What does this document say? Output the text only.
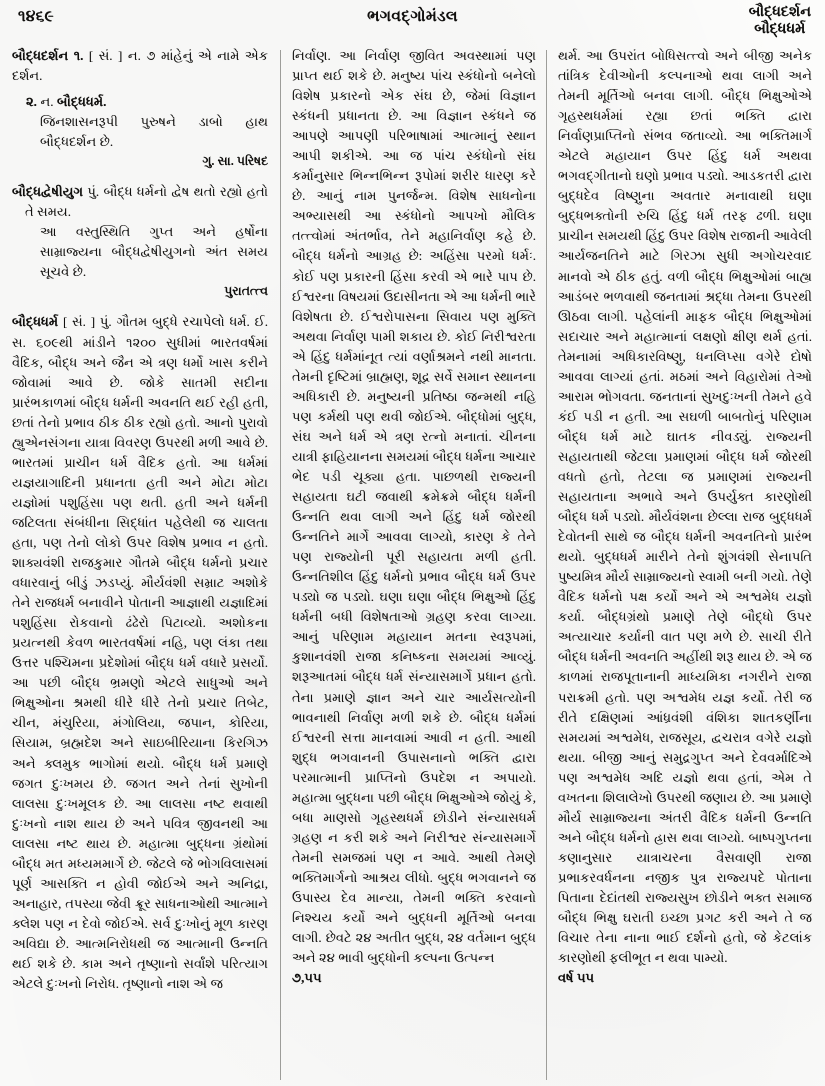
૧૪૬૯	ભગવદ્ગોમંડલ	બૌદ્ધદર્શન
બૌદ્ધધર્મ
બૌદ્ધદર્શન ૧. [ સં. ] ન. ૭ માંહેનું એ નામે એક દર્શન.
૨. ન. બૌદ્ધધર્મ.
જિનશાસનરૂપી પુરુષને ડાબો હાથ બૌદ્ધદર્શન છે.
ગુ. સા. પરિષદ
બૌદ્ધદ્વેષીયુગ પું. બૌદ્ધ ધર્મનો દ્વેષ થતો રહ્યો હતો તે સમય.
આ વસ્તુસ્થિતિ ગુપ્ત અને હર્ષોના સામ્રાજ્યના બૌદ્ધદ્વેષીયુગનો અંત સમય સૂચવે છે.
પુરાતત્ત્વ
બૌદ્ધધર્મ [ સં. ] પું. ગૌતમ બુદ્ધે રચાપેલો ધર્મ. ઈ. સ. ૬૦૯થી માંડીને ૧૨૦૦ સુધીમાં ભારતવર્ષમાં વૈદિક, બૌદ્ધ અને જૈન એ ત્રણ ધર્મો ખાસ કરીને જોવામાં આવે છે. જોકે સાતમી સદીના પ્રારંભકાળમાં બૌદ્ધ ધર્મની અવનતિ થઈ રહી હતી, છતાં તેનો પ્રભાવ ઠીક ઠીક રહ્યો હતો. આનો પુરાવો હ્યુએનસંગના યાત્રા વિવરણ ઉપરથી મળી આવે છે. ભારતમાં પ્રાચીન ધર્મ વૈદિક હતો. આ ધર્મમાં યજ્ઞયાગાદિની પ્રધાનતા હતી અને મોટા મોટા યજ્ઞોમાં પશુહિંસા પણ થતી. હતી અને ધર્મની જટિલતા સંબંધીના સિદ્ધાંત પહેલેથી જ ચાલતા હતા, પણ તેનો લોકો ઉપર વિશેષ પ્રભાવ ન હતો. શાક્યવંશી રાજકુમાર ગૌતમે બૌદ્ધ ધર્મનો પ્રચાર વધારવાનું બીડું ઝડપ્યું. મૌર્યવંશી સમ્રાટ અશોકે તેને રાજધર્મ બનાવીને પોતાની આજ્ઞાથી યજ્ઞાદિમાં પશુહિંસા રોકવાનો ઢંઢેરો પિટાવ્યો. અશોકના પ્રયત્નથી કેવળ ભારતવર્ષમાં નહિ, પણ લંકા તથા ઉત્તર પશ્ચિમના પ્રદેશોમાં બૌદ્ધ ધર્મ વધારે પ્રસર્યો. આ પછી બૌદ્ધ ભ્રમણો એટલે સાધુઓ અને ભિક્ષુઓના શ્રમથી ધીરે ધીરે તેનો પ્રચાર તિબેટ, ચીન, મંચુરિયા, મંગોલિયા, જપાન, કોરિયા, સિયામ, બ્રહ્મદેશ અને સાઇબીરિયાના કિરગિઝ અને ક્લમુક ભાગોમાં થયો. બૌદ્ધ ધર્મ પ્રમાણે જગત દુઃખમય છે. જગત અને તેનાં સુખોની લાલસા દુઃખમૂલક છે. આ લાલસા નષ્ટ થવાથી દુઃખનો નાશ થાય છે અને પવિત્ર જીવનથી આ લાલસા નષ્ટ થાય છે. મહાત્મા બુદ્ધના ગ્રંથોમાં બૌદ્ધ મત મધ્યમમાર્ગે છે. જેટલે જે ભોગવિલાસમાં પૂર્ણ આસક્તિ ન હોવી જોઈએ અને અનિદ્રા, અનાહાર, તપસ્યા જેવી ક્રૂર સાધનાઓથી આત્માને ક્લેશ પણ ન દેવો જોઈએ. સર્વ દુઃખોનું મૂળ કારણ અવિદ્યા છે. આત્મનિરોધથી જ આત્માની ઉન્નતિ થઈ શકે છે. કામ અને તૃષ્ણાનો સર્વાંશે પરિત્યાગ એટલે દુઃખનો નિરોધ. તૃષ્ણાનો નાશ એ જ
નિર્વાણ. આ નિર્વાણ જીવિત અવસ્થામાં પણ પ્રાપ્ત થઈ શકે છે. મનુષ્ય પાંચ સ્કંધોનો બનેલો વિશેષ પ્રકારનો એક સંઘ છે, જેમાં વિજ્ઞાન સ્કંધની પ્રધાનતા છે. આ વિજ્ઞાન સ્કંધને જ આપણે આપણી પરિભાષામાં આત્માનું સ્થાન આપી શકીએ. આ જ પાંચ સ્કંધોનો સંઘ કર્માનુસાર ભિન્નભિન્ન રૂપોમાં શરીર ધારણ કરે છે. આનું નામ પુનર્જન્મ. વિશેષ સાધનોના અભ્યાસથી આ સ્કંધોનો આપખો મૌલિક તત્ત્વોમાં અંતર્ભાવ, તેને મહાનિર્વાણ કહે છે. બૌદ્ધ ધર્મનો આગ્રહ છે: અહિંસા પરમો ધર્મઃ. કોઈ પણ પ્રકારની હિંસા કરવી એ ભારે પાપ છે. ઈશ્વરના વિષયમાં ઉદાસીનતા એ આ ધર્મની ભારે વિશેષતા છે. ઈશ્વરોપાસના સિવાય પણ મુક્તિ અથવા નિર્વાણ પામી શકાય છે. કોઈ નિરીશ્વરતા એ હિંદુ ધર્મમાંનૂત ત્યાં વર્ણાશ્રમને નથી માનતા. તેમની દૃષ્ટિમાં બ્રાહ્મણ, શૂદ્ર સર્વે સમાન સ્થાનના અધિકારી છે. મનુષ્યની પ્રતિષ્ઠા જન્મથી નહિ પણ કર્મથી પણ થવી જોઈએ. બૌદ્ધોમાં બુદ્ધ, સંઘ અને ધર્મ એ ત્રણ રત્નો મનાતાં. ચીનના યાત્રી ફાહિયાનના સમયમાં બૌદ્ધ ધર્મના આચાર ભેદ પડી ચૂક્યા હતા. પાછળથી રાજ્યની સહાયતા ઘટી જવાથી ક્રમેક્રમે બૌદ્ધ ધર્મની ઉન્નતિ થવા લાગી અને હિંદુ ધર્મ જોરથી ઉન્નતિને માર્ગે આવવા લાગ્યો, કારણ કે તેને પણ રાજ્યોની પૂરી સહાયતા મળી હતી. ઉન્નતિશીલ હિંદુ ધર્મનો પ્રભાવ બૌદ્ધ ધર્મ ઉપર પડ્યો જ પડ્યો. ઘણા ઘણા બૌદ્ધ ભિક્ષુઓ હિંદુ ધર્મની બધી વિશેષતાઓ ગ્રહણ કરવા લાગ્યા. આનું પરિણામ મહાયાન મતના સ્વરૂપમાં, કુશાનવંશી રાજા કનિષ્કના સમયમાં આવ્યું. શરૂઆતમાં બૌદ્ધ ધર્મ સંન્યાસમાર્ગે પ્રધાન હતો. તેના પ્રમાણે જ્ઞાન અને ચાર આર્યસત્યોની ભાવનાથી નિર્વાણ મળી શકે છે. બૌદ્ધ ધર્મમાં ઈશ્વરની સત્તા માનવામાં આવી ન હતી. આથી શુદ્ધ ભગવાનની ઉપાસનાનો ભક્તિ દ્વારા પરમાત્માની પ્રાપ્તિનો ઉપદેશ ન અપાયો. મહાત્મા બુદ્ધના પછી બૌદ્ધ ભિક્ષુઓએ જોયું કે, બધા માણસો ગૃહસ્થધર્મ છોડીને સંન્યાસધર્મ ગ્રહણ ન કરી શકે અને નિરીશ્વર સંન્યાસમાર્ગે તેમની સમજમાં પણ ન આવે. આથી તેમણે ભક્તિમાર્ગનો આશ્રય લીધો. બુદ્ધ ભગવાનને જ ઉપાસ્ય દેવ માન્યા, તેમની ભક્તિ કરવાનો નિશ્ચય કર્યો અને બુદ્ધની મૂર્તિઓ બનવા લાગી. છેવટે ૨૪ અતીત બુદ્ધ, ૨૪ વર્તમાન બુદ્ધ અને ૨૪ ભાવી બુદ્ધોની કલ્પના ઉત્પન્ન
૭,૫૫
થર્મ. આ ઉપરાંત બોધિસત્ત્વો અને બીજી અનેક તાંત્રિક દેવીઓની કલ્પનાઓ થવા લાગી અને તેમની મૂર્તિઓ બનવા લાગી. બૌદ્ધ ભિક્ષુઓએ ગૃહસ્થધર્મમાં રહ્યા છતાં ભક્તિ દ્વારા નિર્વાણપ્રાપ્તિનો સંભવ જતાવ્યો. આ ભક્તિમાર્ગ એટલે મહાયાન ઉપર હિંદુ ધર્મ અથવા ભગવદ્ગીતાનો ઘણો પ્રભાવ પડ્યો. આડકતરી દ્વારા બુદ્ધદેવ વિષ્ણુના અવતાર મનાવાથી ઘણા બુદ્ધભક્તોની રુચિ હિંદુ ધર્મ તરફ ઢળી. ઘણા પ્રાચીન સમયથી હિંદુ ઉપર વિશેષ રાજાની આવેલી આર્યજનતિને માટે ગિરઝા સુધી અગોચરવાદ માનવો એ ઠીક હતું. વળી બૌદ્ધ ભિક્ષુઓમાં બાહ્ય આડંબર ભળવાથી જનતામાં શ્રદ્ધા તેમના ઉપરથી ઊઠવા લાગી. પહેલાંની માફક બૌદ્ધ ભિક્ષુઓમાં સદાચાર અને મહાત્માનાં લક્ષણો ક્ષીણ થર્મ હતાં. તેમનામાં અધિકારવિષ્ણુ, ધનલિપ્સા વગેરે દોષો આવવા લાગ્યાં હતાં. મઠમાં અને વિહારોમાં તેઓ આરામ ભોગવતા. જનતાનાં સુખદુઃખની તેમને હવે કંઈ પડી ન હતી. આ સઘળી બાબતોનું પરિણામ બૌદ્ધ ધર્મ માટે ઘાતક નીવડ્યું. રાજ્યની સહાયતાથી જેટલા પ્રમાણમાં બૌદ્ધ ધર્મ જોરથી વધતો હતો, તેટલા જ પ્રમાણમાં રાજ્યની સહાયતાના અભાવે અને ઉપર્યુક્ત કારણોથી બૌદ્ધ ધર્મ પડ્યો. મૌર્યવંશના છેલ્લા રાજ બુદ્ધધર્મ દેવોતની સાથે જ બૌદ્ધ ધર્મની અવનતિનો પ્રારંભ થયો. બુદ્ધધર્મ મારીને તેનો શુંગવંશી સેનાપતિ પુષ્યમિત્ર મૌર્ય સામ્રાજ્યનો સ્વામી બની ગયો. તેણે વૈદિક ધર્મનો પક્ષ કર્યો અને એ અશ્વમેધ યજ્ઞો કર્યા. બૌદ્ધગ્રંથો પ્રમાણે તેણે બૌદ્ધો ઉપર અત્યાચાર કર્યાની વાત પણ મળે છે. સાચી રીતે બૌદ્ધ ધર્મની અવનતિ અહીંથી શરૂ થાય છે. એ જ કાળમાં રાજપૂતાનાની માધ્યમિકા નગરીને રાજા પરાક્રમી હતો. પણ અશ્વમેધ યજ્ઞ કર્યો. તેરી જ રીતે દક્ષિણમાં આંધ્રવંશી વંશિકા શાતકર્ણીના સમયમાં અશ્વમેધ, રાજસૂય, દ્વચરાત્ર વગેરે યજ્ઞો થયા. બીજી આનું સમુદ્રગુપ્ત અને દેવવર્માદિએ પણ અશ્વમેધ અદિ યજ્ઞો થવા હતાં, એમ તે વખતના શિલાલેખો ઉપરથી જણાય છે. આ પ્રમાણે મૌર્ય સામ્રાજ્યના અંતરી વૈદિક ધર્મની ઉન્નતિ અને બૌદ્ધ ધર્મનો હ્રાસ થવા લાગ્યો. બાષ્પગુપ્તના કણાનુસાર યાત્રાચરના વૈસવાણી રાજા પ્રભાકરવર્ધનના નજીક પુત્ર રાજ્યપદે પોતાના પિતાના દેદાંતથી રાજ્યસુખ છોડીને ભક્ત સમાજ બૌદ્ધ ભિક્ષુ ઘરાતી ઇચ્છા પ્રગટ કરી અને તે જ વિચાર તેના નાના ભાઈ દર્શનો હતો, જે કેટલાંક કારણોથી ફલીભૂત ન થવા પામ્યો.
વર્ષ ૫૫
